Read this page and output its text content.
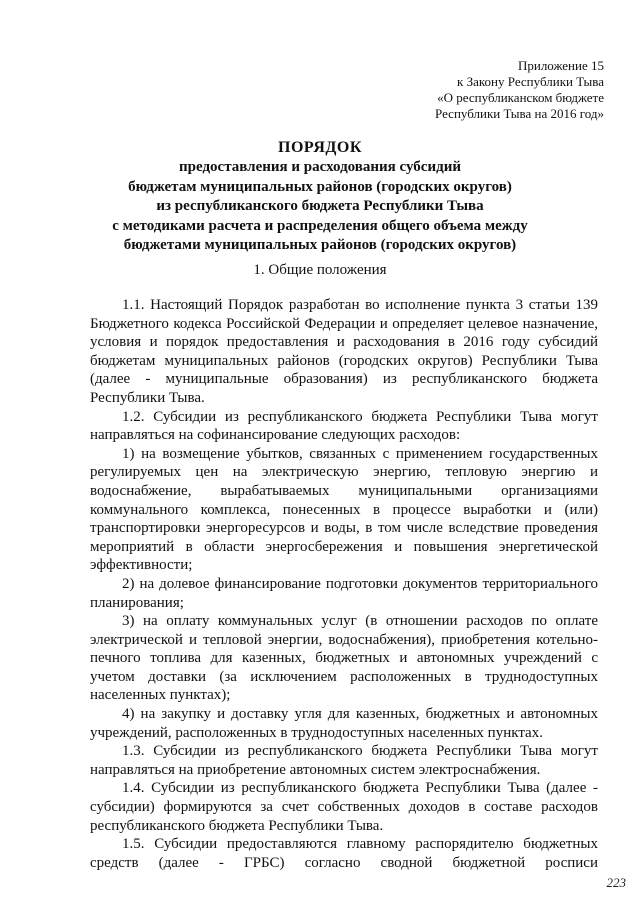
Приложение 15
к Закону Республики Тыва
«О республиканском бюджете
Республики Тыва на 2016 год»
ПОРЯДОК
предоставления и расходования субсидий
бюджетам муниципальных районов (городских округов)
из республиканского бюджета Республики Тыва
с методиками расчета и распределения общего объема между
бюджетами муниципальных районов (городских округов)
1. Общие положения

1.1. Настоящий Порядок разработан во исполнение пункта 3 статьи 139 Бюджетного кодекса Российской Федерации и определяет целевое назначение, условия и порядок предоставления и расходования в 2016 году субсидий бюджетам муниципальных районов (городских округов) Республики Тыва (далее - муниципальные образования) из республиканского бюджета Республики Тыва.

1.2. Субсидии из республиканского бюджета Республики Тыва могут направляться на софинансирование следующих расходов:

1) на возмещение убытков, связанных с применением государственных регулируемых цен на электрическую энергию, тепловую энергию и водоснабжение, вырабатываемых муниципальными организациями коммунального комплекса, понесенных в процессе выработки и (или) транспортировки энергоресурсов и воды, в том числе вследствие проведения мероприятий в области энергосбережения и повышения энергетической эффективности;

2) на долевое финансирование подготовки документов территориального планирования;

3) на оплату коммунальных услуг (в отношении расходов по оплате электрической и тепловой энергии, водоснабжения), приобретения котельно-печного топлива для казенных, бюджетных и автономных учреждений с учетом доставки (за исключением расположенных в труднодоступных населенных пунктах);

4) на закупку и доставку угля для казенных, бюджетных и автономных учреждений, расположенных в труднодоступных населенных пунктах.

1.3. Субсидии из республиканского бюджета Республики Тыва могут направляться на приобретение автономных систем электроснабжения.

1.4. Субсидии из республиканского бюджета Республики Тыва (далее - субсидии) формируются за счет собственных доходов в составе расходов республиканского бюджета Республики Тыва.

1.5. Субсидии предоставляются главному распорядителю бюджетных средств (далее - ГРБС) согласно сводной бюджетной росписи

223
